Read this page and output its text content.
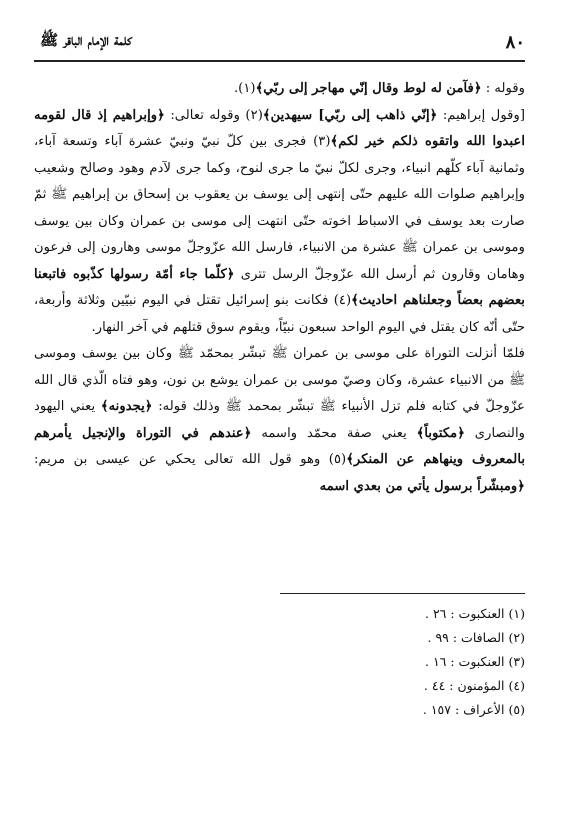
٨٠
كلمة الإمام الباقر ﷺ

وقوله : ﴿فآمن له لوط وقال إنّي مهاجر إلى ربّي﴾(١).

[وقول إبراهيم: ﴿إنّي ذاهب إلى ربّي] سيهدين﴾(٢) وقوله تعالى: ﴿وإبراهيم إذ قال لقومه اعبدوا الله واتقوه ذلكم خير لكم﴾(٣) فجرى بين كلّ نبيّ ونبيّ عشرة آباء وتسعة آباء، وثمانية آباء كلّهم انبياء، وجرى لكلّ نبيّ ما جرى لنوح، وكما جرى لآدم وهود وصالح وشعيب وإبراهيم صلوات الله عليهم حتّى إنتهى إلى يوسف بن يعقوب بن إسحاق بن إبراهيم ﷺ ثمّ صارت بعد يوسف في الاسباط اخوته حتّى انتهت إلى موسى بن عمران وكان بين يوسف وموسى بن عمران ﷺ عشرة من الانبياء، فارسل الله عزّوجلّ موسى وهارون إلى فرعون وهامان وقارون ثم أرسل الله عزّوجلّ الرسل تترى ﴿كلّما جاء أمّة رسولها كذّبوه فاتبعنا بعضهم بعضاً وجعلناهم احاديث﴾(٤) فكانت بنو إسرائيل تقتل في اليوم نبيّين وثلاثة وأربعة، حتّى أنّه كان يقتل في اليوم الواحد سبعون نبيّاً، ويقوم سوق قتلهم في آخر النهار.

فلمّا أنزلت التوراة على موسى بن عمران ﷺ تبشّر بمحمّد ﷺ وكان بين يوسف وموسى ﷺ من الانبياء عشرة، وكان وصيّ موسى بن عمران يوشع بن نون، وهو فتاه الّذي قال الله عزّوجلّ في كتابه فلم تزل الأنبياء ﷺ تبشّر بمحمد ﷺ وذلك قوله: ﴿يجدونه﴾ يعني اليهود والنصارى ﴿مكتوباً﴾ يعني صفة محمّد واسمه ﴿عندهم في التوراة والإنجيل يأمرهم بالمعروف وينهاهم عن المنكر﴾(٥) وهو قول الله تعالى يحكي عن عيسى بن مريم: ﴿ومبشّراً برسول يأتي من بعدي اسمه

(١) العنكبوت : ٢٦ .
(٢) الصافات : ٩٩ .
(٣) العنكبوت : ١٦ .
(٤) المؤمنون : ٤٤ .
(٥) الأعراف : ١٥٧ .
